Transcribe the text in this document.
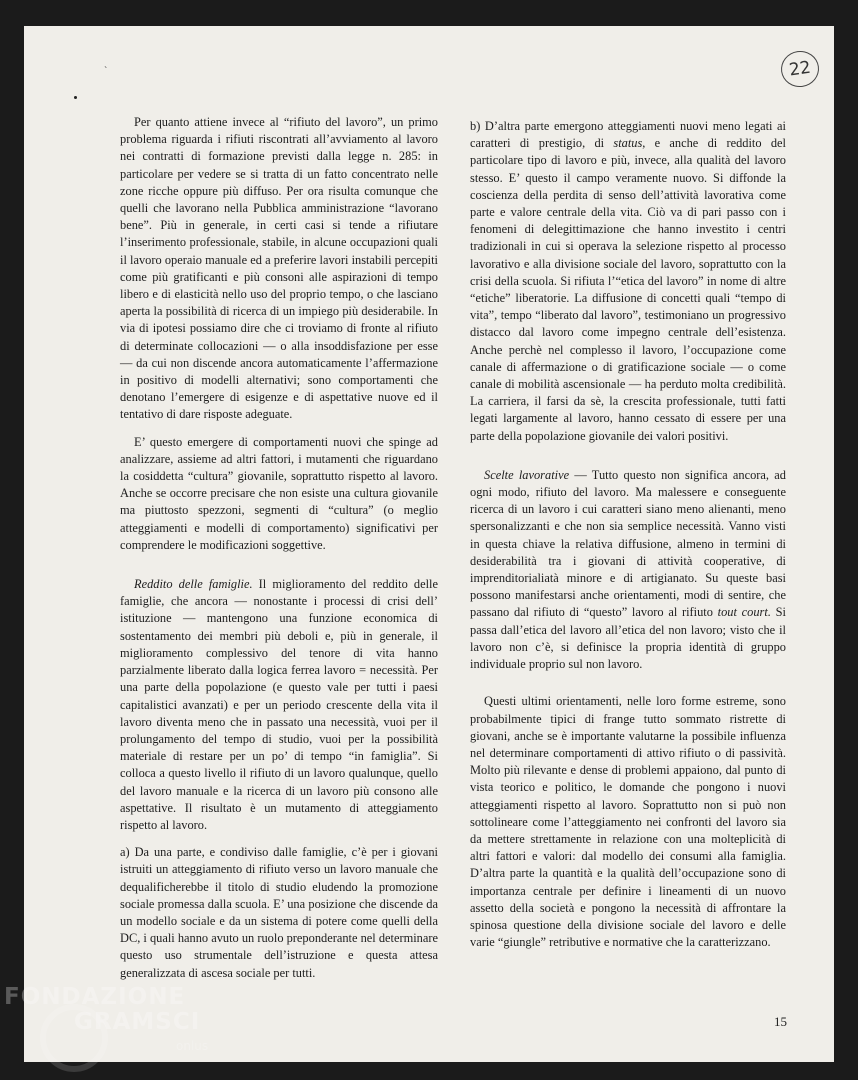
`	22

Per quanto attiene invece al “rifiuto del lavoro”, un primo problema riguarda i rifiuti riscontrati all’avviamento al lavoro nei contratti di formazione previsti dalla legge n. 285: in particolare per vedere se si tratta di un fatto concentrato nelle zone ricche oppure più diffuso. Per ora risulta comunque che quelli che lavorano nella Pubblica amministrazione “lavorano bene”. Più in generale, in certi casi si tende a rifiutare l’inserimento professionale, stabile, in alcune occupazioni quali il lavoro operaio manuale ed a preferire lavori instabili percepiti come più gratificanti e più consoni alle aspirazioni di tempo libero e di elasticità nello uso del proprio tempo, o che lasciano aperta la possibilità di ricerca di un impiego più desiderabile. In via di ipotesi possiamo dire che ci troviamo di fronte al rifiuto di determinate collocazioni — o alla insoddisfazione per esse — da cui non discende ancora automaticamente l’affermazione in positivo di modelli alternativi; sono comportamenti che denotano l’emergere di esigenze e di aspettative nuove ed il tentativo di dare risposte adeguate.

E’ questo emergere di comportamenti nuovi che spinge ad analizzare, assieme ad altri fattori, i mutamenti che riguardano la cosiddetta “cultura” giovanile, soprattutto rispetto al lavoro. Anche se occorre precisare che non esiste una cultura giovanile ma piuttosto spezzoni, segmenti di “cultura” (o meglio atteggiamenti e modelli di comportamento) significativi per comprendere le modificazioni soggettive.

Reddito delle famiglie. Il miglioramento del reddito delle famiglie, che ancora — nonostante i processi di crisi dell’ istituzione — mantengono una funzione economica di sostentamento dei membri più deboli e, più in generale, il miglioramento complessivo del tenore di vita hanno parzialmente liberato dalla logica ferrea lavoro = necessità. Per una parte della popolazione (e questo vale per tutti i paesi capitalistici avanzati) e per un periodo crescente della vita il lavoro diventa meno che in passato una necessità, vuoi per il prolungamento del tempo di studio, vuoi per la possibilità materiale di restare per un po’ di tempo “in famiglia”. Si colloca a questo livello il rifiuto di un lavoro qualunque, quello del lavoro manuale e la ricerca di un lavoro più consono alle aspettative. Il risultato è un mutamento di atteggiamento rispetto al lavoro.

a) Da una parte, e condiviso dalle famiglie, c’è per i giovani istruiti un atteggiamento di rifiuto verso un lavoro manuale che dequalificherebbe il titolo di studio eludendo la promozione sociale promessa dalla scuola. E’ una posizione che discende da un modello sociale e da un sistema di potere come quelli della DC, i quali hanno avuto un ruolo preponderante nel determinare questo uso strumentale dell’istruzione e questa attesa generalizzata di ascesa sociale per tutti.

b) D’altra parte emergono atteggiamenti nuovi meno legati ai caratteri di prestigio, di status, e anche di reddito del particolare tipo di lavoro e più, invece, alla qualità del lavoro stesso. E’ questo il campo veramente nuovo. Si diffonde la coscienza della perdita di senso dell’attività lavorativa come parte e valore centrale della vita. Ciò va di pari passo con i fenomeni di delegittimazione che hanno investito i centri tradizionali in cui si operava la selezione rispetto al processo lavorativo e alla divisione sociale del lavoro, soprattutto con la crisi della scuola. Si rifiuta l’“etica del lavoro” in nome di altre “etiche” liberatorie. La diffusione di concetti quali “tempo di vita”, tempo “liberato dal lavoro”, testimoniano un progressivo distacco dal lavoro come impegno centrale dell’esistenza. Anche perchè nel complesso il lavoro, l’occupazione come canale di affermazione o di gratificazione sociale — o come canale di mobilità ascensionale — ha perduto molta credibilità. La carriera, il farsi da sè, la crescita professionale, tutti fatti legati largamente al lavoro, hanno cessato di essere per una parte della popolazione giovanile dei valori positivi.

Scelte lavorative — Tutto questo non significa ancora, ad ogni modo, rifiuto del lavoro. Ma malessere e conseguente ricerca di un lavoro i cui caratteri siano meno alienanti, meno spersonalizzanti e che non sia semplice necessità. Vanno visti in questa chiave la relativa diffusione, almeno in termini di desiderabilità tra i giovani di attività cooperative, di imprenditorialiatà minore e di artigianato. Su queste basi possono manifestarsi anche orientamenti, modi di sentire, che passano dal rifiuto di “questo” lavoro al rifiuto tout court. Si passa dall’etica del lavoro all’etica del non lavoro; visto che il lavoro non c’è, si definisce la propria identità di gruppo individuale proprio sul non lavoro.

Questi ultimi orientamenti, nelle loro forme estreme, sono probabilmente tipici di frange tutto sommato ristrette di giovani, anche se è importante valutarne la possibile influenza nel determinare comportamenti di attivo rifiuto o di passività. Molto più rilevante e dense di problemi appaiono, dal punto di vista teorico e politico, le domande che pongono i nuovi atteggiamenti rispetto al lavoro. Soprattutto non si può non sottolineare come l’atteggiamento nei confronti del lavoro sia da mettere strettamente in relazione con una molteplicità di altri fattori e valori: dal modello dei consumi alla famiglia. D’altra parte la quantità e la qualità dell’occupazione sono di importanza centrale per definire i lineamenti di un nuovo assetto della società e pongono la necessità di affrontare la spinosa questione della divisione sociale del lavoro e delle varie “giungle” retributive e normative che la caratterizzano.

15
FONDAZIONE
GRAMSCI
onlus
